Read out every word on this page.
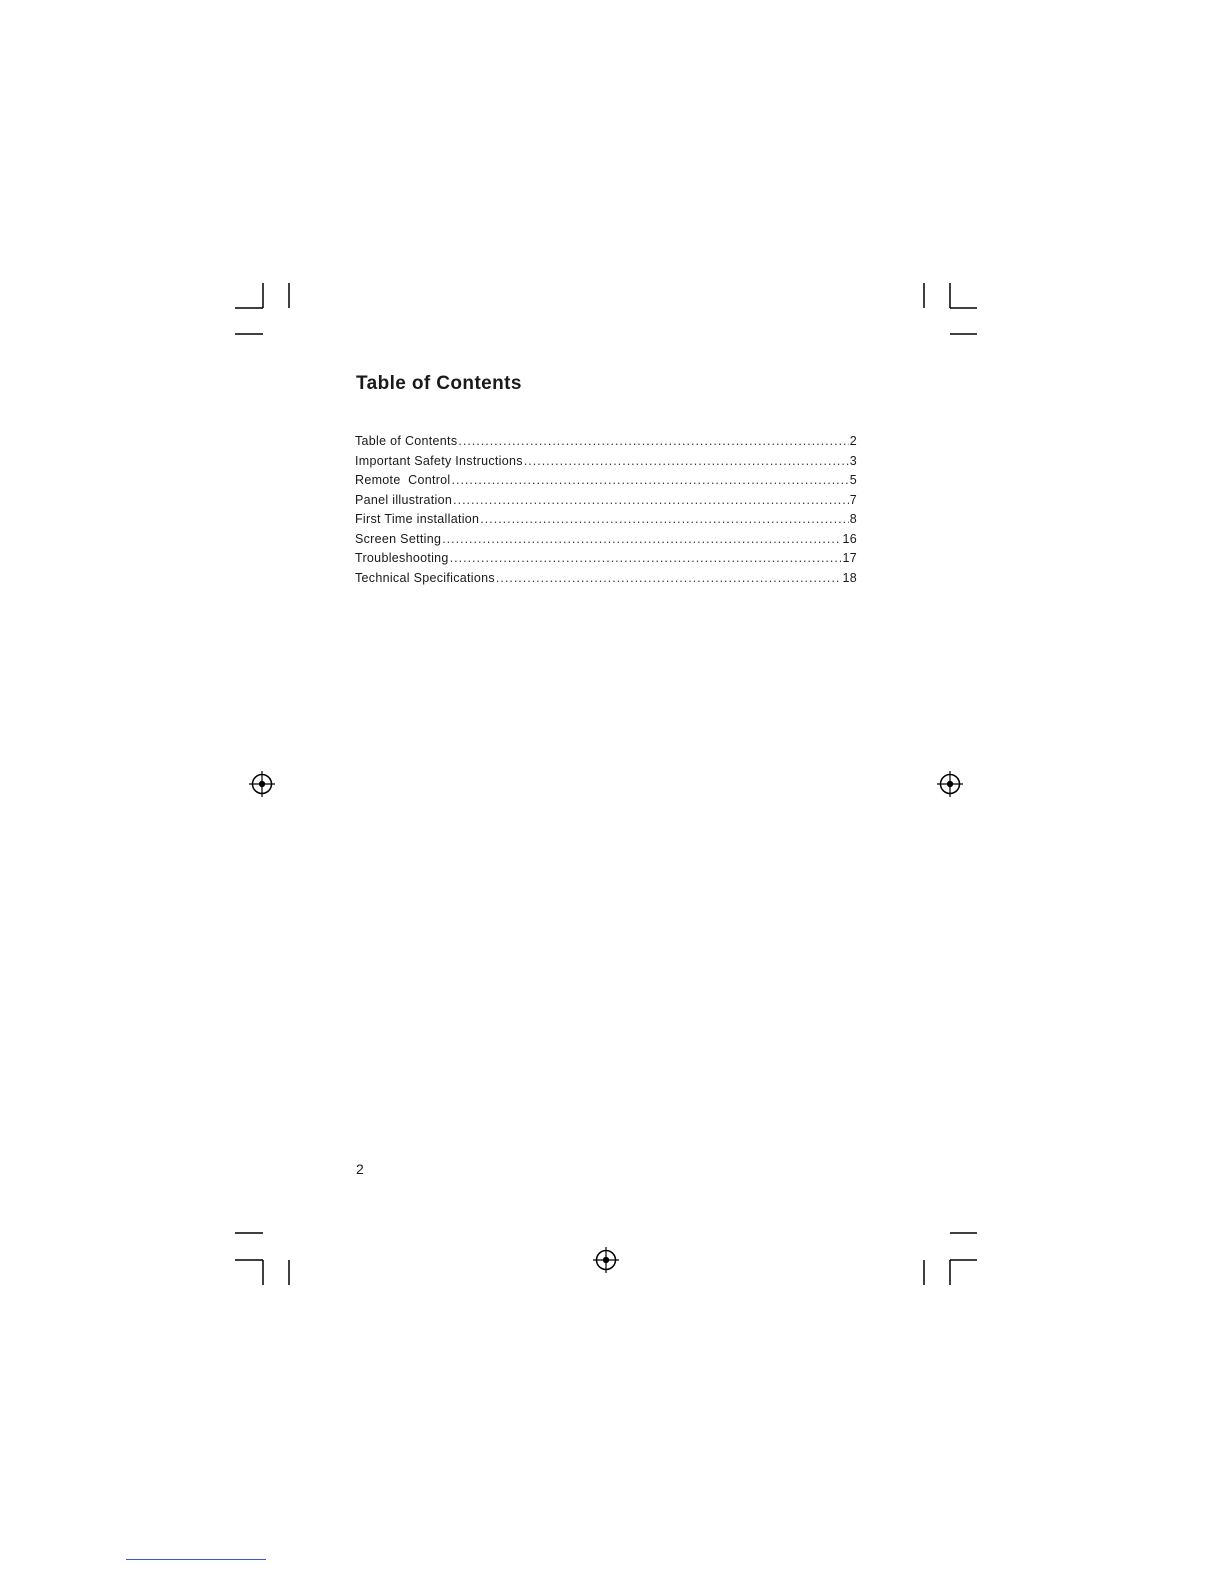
Table of Contents
Table of Contents .....	2
Important Safety Instructions .....	3
Remote  Control .....	5
Panel illustration .....	7
First Time installation .....	8
Screen Setting .....	16
Troubleshooting .....	17
Technical Specifications .....	18

2
